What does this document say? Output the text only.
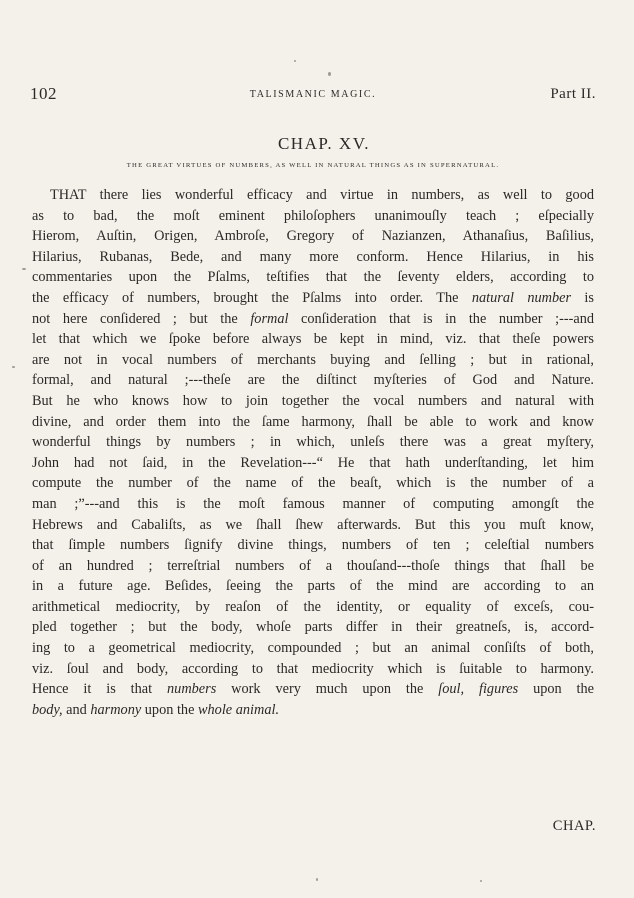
102	TALISMANIC MAGIC.	Part II.
CHAP. XV.
THE GREAT VIRTUES OF NUMBERS, AS WELL IN NATURAL THINGS AS IN SUPERNATURAL.
THAT there lies wonderful efficacy and virtue in numbers, as well to good
as to bad, the moſt eminent philoſophers unanimouſly teach ; eſpecially
Hierom, Auſtin, Origen, Ambroſe, Gregory of Nazianzen, Athanaſius, Baſilius,
Hilarius, Rubanas, Bede, and many more conform. Hence Hilarius, in his
commentaries upon the Pſalms, teſtifies that the ſeventy elders, according to
the efficacy of numbers, brought the Pſalms into order. The natural number is
not here conſidered ; but the formal conſideration that is in the number ;---and
let that which we ſpoke before always be kept in mind, viz. that theſe powers
are not in vocal numbers of merchants buying and ſelling ; but in rational,
formal, and natural ;---theſe are the diſtinct myſteries of God and Nature.
But he who knows how to join together the vocal numbers and natural with
divine, and order them into the ſame harmony, ſhall be able to work and know
wonderful things by numbers ; in which, unleſs there was a great myſtery,
John had not ſaid, in the Revelation---“ He that hath underſtanding, let him
compute the number of the name of the beaſt, which is the number of a
man ;”---and this is the moſt famous manner of computing amongſt the
Hebrews and Cabaliſts, as we ſhall ſhew afterwards. But this you muſt know,
that ſimple numbers ſignify divine things, numbers of ten ; celeſtial numbers
of an hundred ; terreſtrial numbers of a thouſand---thoſe things that ſhall be
in a future age. Beſides, ſeeing the parts of the mind are according to an
arithmetical mediocrity, by reaſon of the identity, or equality of exceſs, cou-
pled together ; but the body, whoſe parts differ in their greatneſs, is, accord-
ing to a geometrical mediocrity, compounded ; but an animal conſiſts of both,
viz. ſoul and body, according to that mediocrity which is ſuitable to harmony.
Hence it is that numbers work very much upon the ſoul, figures upon the
body, and harmony upon the whole animal.
CHAP.
